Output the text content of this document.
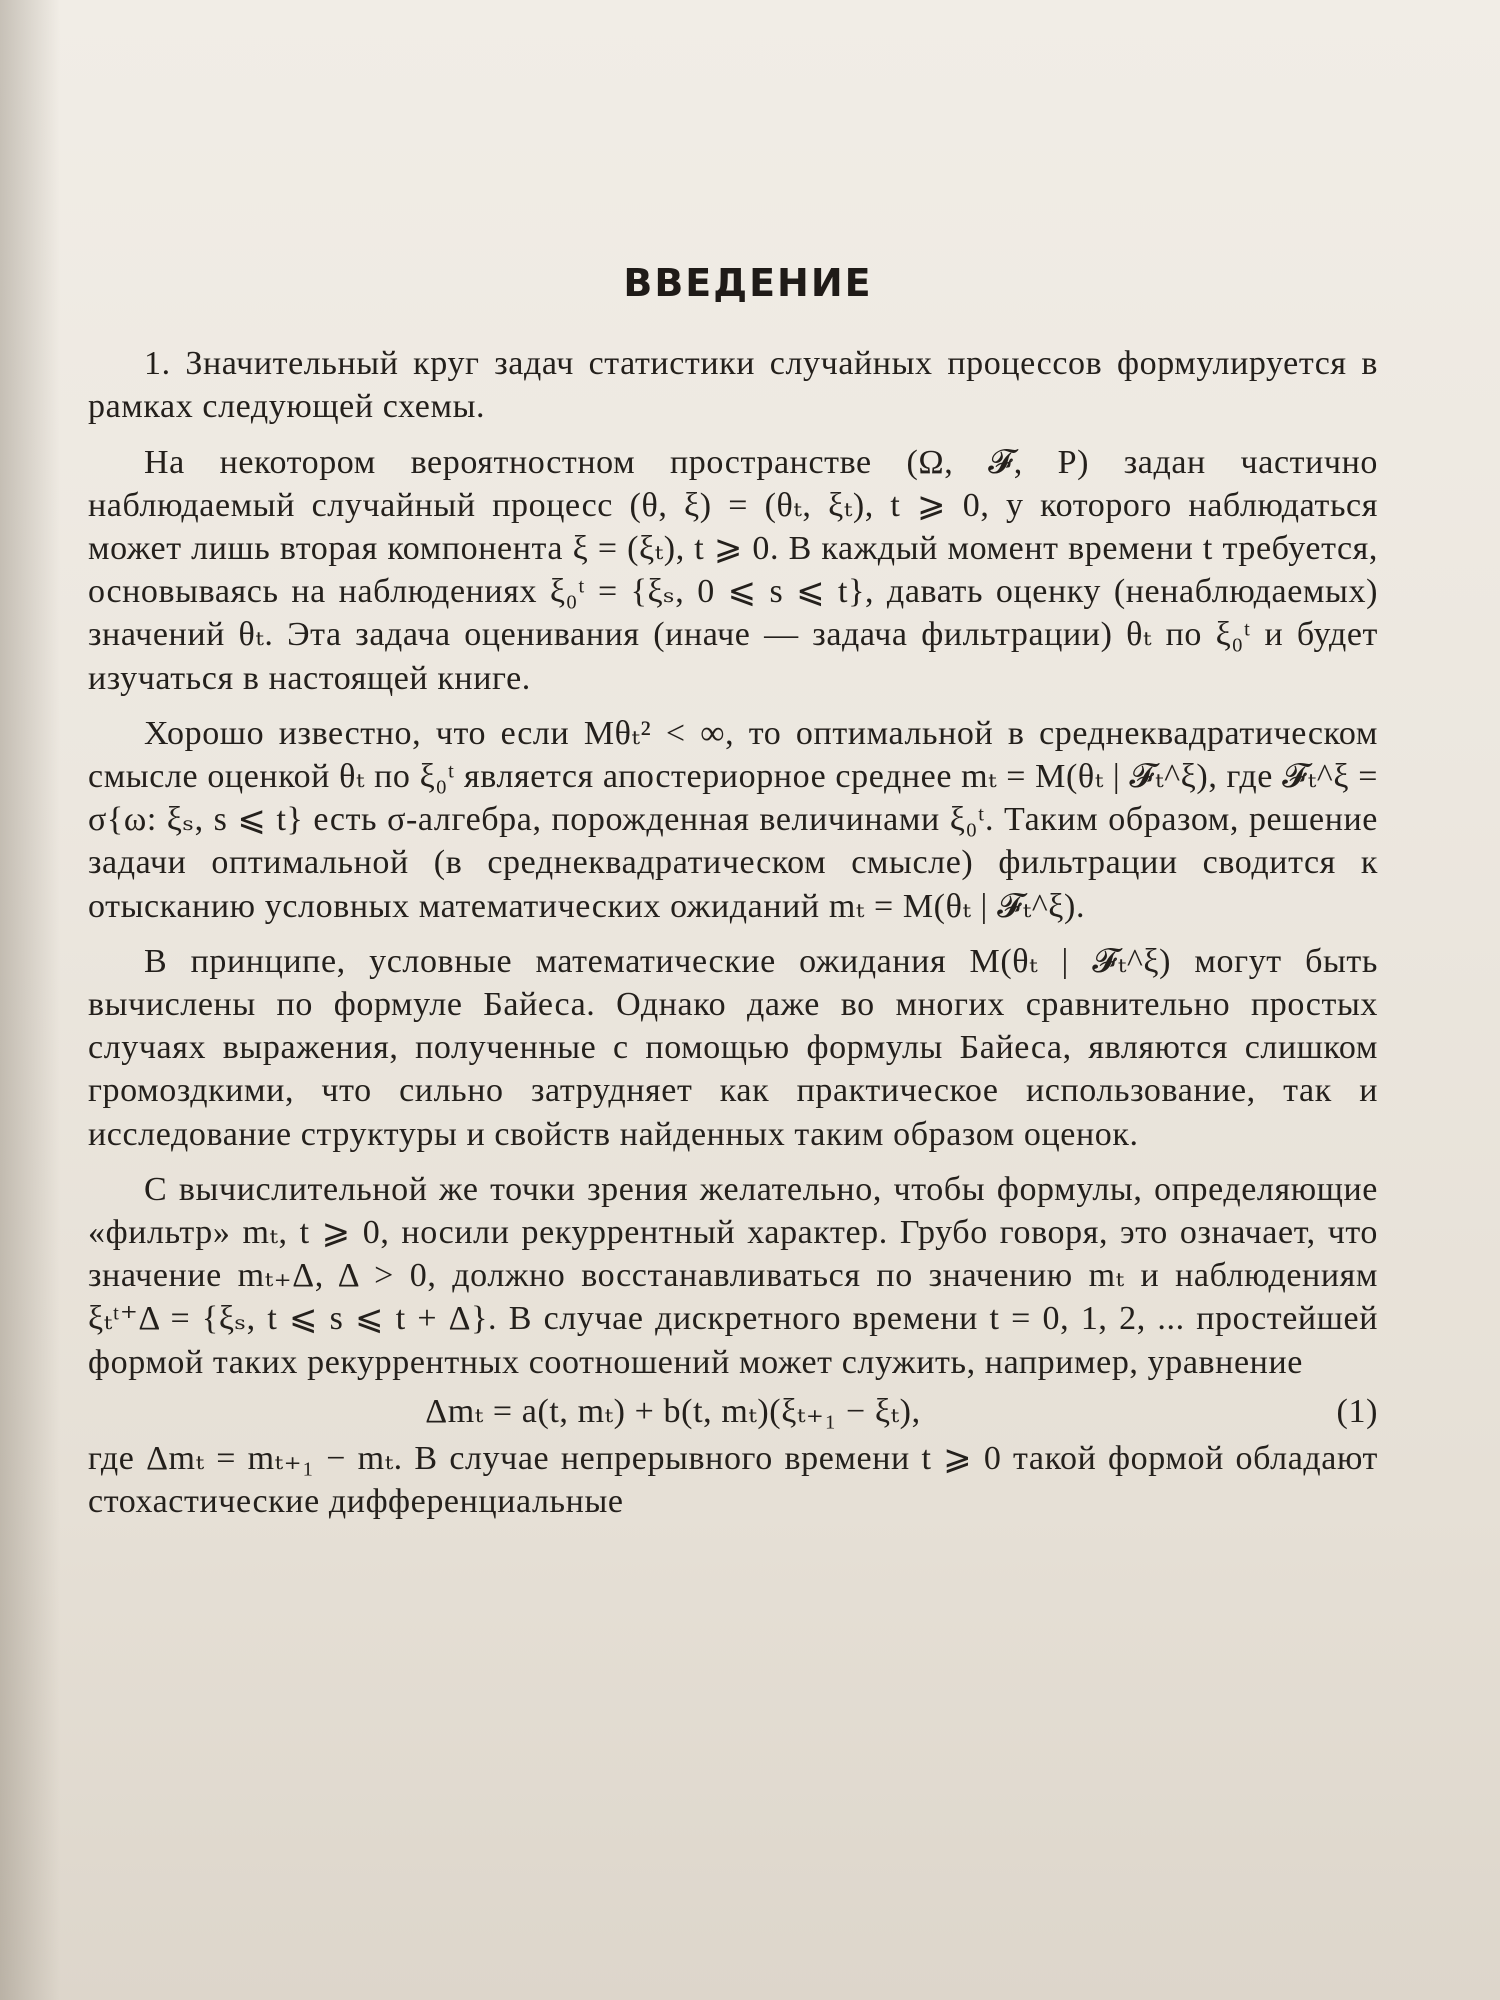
ВВЕДЕНИЕ

1. Значительный круг задач статистики случайных процессов формулируется в рамках следующей схемы.

На некотором вероятностном пространстве (Ω, 𝓕, P) задан частично наблюдаемый случайный процесс (θ, ξ) = (θₜ, ξₜ), t ⩾ 0, у которого наблюдаться может лишь вторая компонента ξ = (ξₜ), t ⩾ 0. В каждый момент времени t требуется, основываясь на наблюдениях ξ₀ᵗ = {ξₛ, 0 ⩽ s ⩽ t}, давать оценку (ненаблюдаемых) значений θₜ. Эта задача оценивания (иначе — задача фильтрации) θₜ по ξ₀ᵗ и будет изучаться в настоящей книге.

Хорошо известно, что если Mθₜ² < ∞, то оптимальной в среднеквадратическом смысле оценкой θₜ по ξ₀ᵗ является апостериорное среднее mₜ = M(θₜ | 𝓕ₜ^ξ), где 𝓕ₜ^ξ = σ{ω: ξₛ, s ⩽ t} есть σ-алгебра, порожденная величинами ξ₀ᵗ. Таким образом, решение задачи оптимальной (в среднеквадратическом смысле) фильтрации сводится к отысканию условных математических ожиданий mₜ = M(θₜ | 𝓕ₜ^ξ).

В принципе, условные математические ожидания M(θₜ | 𝓕ₜ^ξ) могут быть вычислены по формуле Байеса. Однако даже во многих сравнительно простых случаях выражения, полученные с помощью формулы Байеса, являются слишком громоздкими, что сильно затрудняет как практическое использование, так и исследование структуры и свойств найденных таким образом оценок.

С вычислительной же точки зрения желательно, чтобы формулы, определяющие «фильтр» mₜ, t ⩾ 0, носили рекуррентный характер. Грубо говоря, это означает, что значение mₜ₊Δ, Δ > 0, должно восстанавливаться по значению mₜ и наблюдениям ξₜᵗ⁺Δ = {ξₛ, t ⩽ s ⩽ t + Δ}. В случае дискретного времени t = 0, 1, 2, ... простейшей формой таких рекуррентных соотношений может служить, например, уравнение

Δmₜ = a(t, mₜ) + b(t, mₜ)(ξₜ₊₁ − ξₜ),	(1)

где Δmₜ = mₜ₊₁ − mₜ. В случае непрерывного времени t ⩾ 0 такой формой обладают стохастические дифференциальные
